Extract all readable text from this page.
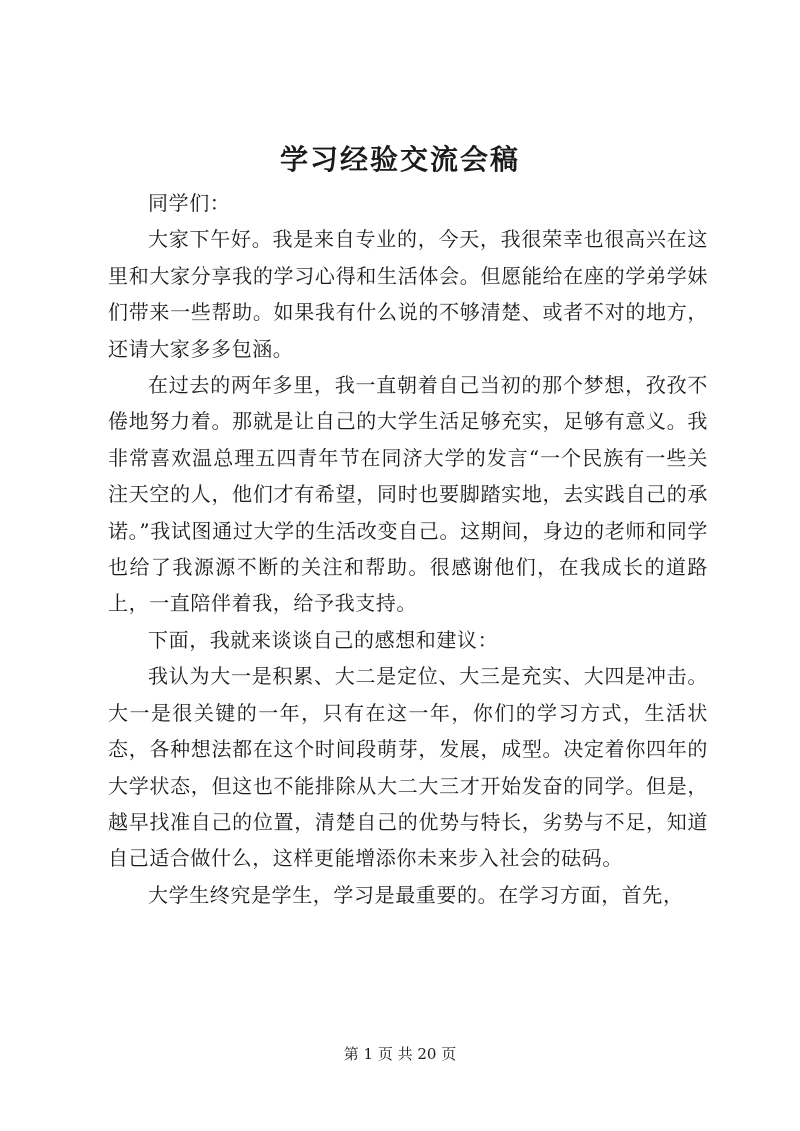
学习经验交流会稿

同学们：

大家下午好。我是来自专业的，今天，我很荣幸也很高兴在这里和大家分享我的学习心得和生活体会。但愿能给在座的学弟学妹们带来一些帮助。如果我有什么说的不够清楚、或者不对的地方，还请大家多多包涵。

在过去的两年多里，我一直朝着自己当初的那个梦想，孜孜不倦地努力着。那就是让自己的大学生活足够充实，足够有意义。我非常喜欢温总理五四青年节在同济大学的发言“一个民族有一些关注天空的人，他们才有希望，同时也要脚踏实地，去实践自己的承诺。”我试图通过大学的生活改变自己。这期间，身边的老师和同学也给了我源源不断的关注和帮助。很感谢他们，在我成长的道路上，一直陪伴着我，给予我支持。

下面，我就来谈谈自己的感想和建议：

我认为大一是积累、大二是定位、大三是充实、大四是冲击。大一是很关键的一年，只有在这一年，你们的学习方式，生活状态，各种想法都在这个时间段萌芽，发展，成型。决定着你四年的大学状态，但这也不能排除从大二大三才开始发奋的同学。但是，越早找准自己的位置，清楚自己的优势与特长，劣势与不足，知道自己适合做什么，这样更能增添你未来步入社会的砝码。

大学生终究是学生，学习是最重要的。在学习方面，首先，

第 1 页 共 20 页
